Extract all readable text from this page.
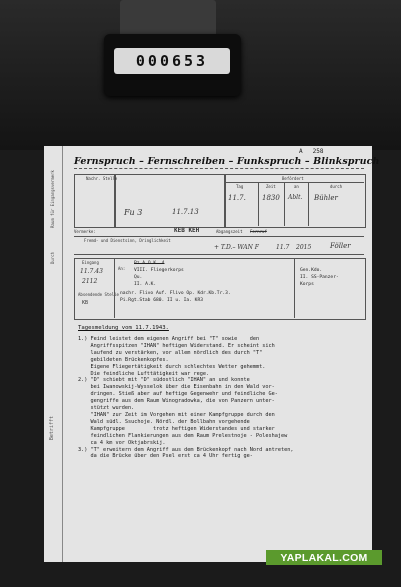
000653
Raum für Eingangsvermerk
Durch
A 258
Fernspruch – Fernschreiben – Funkspruch – Blinkspruch
Nachr. Stelle
Fu 3	11.7.13
Befördert
Tag	Zeit	an	durch
11.7. 1830 Ablt. Bühler
Vermerke:	KEB KEH	Abgangszeit Fernruf
Fremd- und Dienstsinn, Dringlichkeit
+ T.D.– WAN F	11.7 2015	Föller
Eingang
11.7.43
2112
Absendende Stelle
KB
An:
Pz.A.O.K. 4
VIII. Fliegerkorps
Qu.
II. A.K.
nachr. Flivo Auf. Flivo Op. Kdr.Kb.Tr.3.
Pi.Rgt.Stab 680. II u. Ia. KR3
Gen.Kdo.
II. SS-Panzer-
Korps
Betrifft
Tagesmeldung vom 11.7.1943.
1.) Feind leistet dem eigenen Angriff bei "T" sowie    den
Angriffsspitzen "IHAN" heftigen Widerstand. Er scheint sich
laufend zu verstärken, vor allem nördlich des durch "T"
gebildeten Brückenkopfes.
Eigene Fliegertätigkeit durch schlechtes Wetter gehemmt.
Die feindliche Lufttätigkeit war rege.
2.) "D" schiebt mit "D" südostlich "IHAN" an und konnte
bei Iwanowskij-Wysselok über die Eisenbahn in den Wald vor-
dringen. Stieß aber auf heftige Gegenwehr und feindliche Ge-
gengriffe aus dem Raum Winogradowka, die von Panzern unter-
stützt wurden.
"IHAN" zur Zeit im Vorgehen mit einer Kampfgruppe durch den
Wald südl. Ssuchoje. Nördl. der Bollbahn vorgehende
Kampfgruppe         trotz heftigen Widerstandes und starker
feindlichen Flankierungen aus dem Raum Prelestnoje - Poleshajew
ca 4 km vor Oktjabrskij.
3.) "T" erweitern dem Angriff aus dem Brückenkopf nach Nord antreten,
da die Brücke über den Psel erst ca 4 Uhr fertig ge-
YAPLAKAL.COM
